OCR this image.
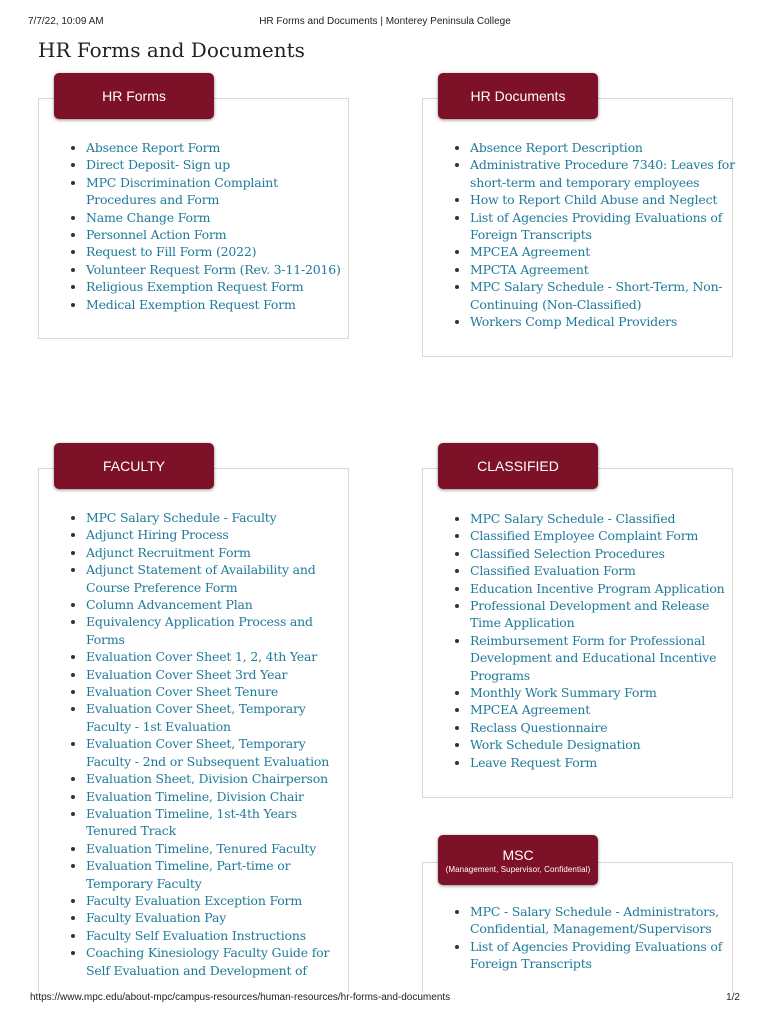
7/7/22, 10:09 AM	HR Forms and Documents | Monterey Peninsula College
HR Forms and Documents
HR Forms
• Absence Report Form
• Direct Deposit- Sign up
• MPC Discrimination Complaint Procedures and Form
• Name Change Form
• Personnel Action Form
• Request to Fill Form (2022)
• Volunteer Request Form (Rev. 3-11-2016)
• Religious Exemption Request Form
• Medical Exemption Request Form
HR Documents
• Absence Report Description
• Administrative Procedure 7340: Leaves for short-term and temporary employees
• How to Report Child Abuse and Neglect
• List of Agencies Providing Evaluations of Foreign Transcripts
• MPCEA Agreement
• MPCTA Agreement
• MPC Salary Schedule - Short-Term, Non-Continuing (Non-Classified)
• Workers Comp Medical Providers
FACULTY
• MPC Salary Schedule - Faculty
• Adjunct Hiring Process
• Adjunct Recruitment Form
• Adjunct Statement of Availability and Course Preference Form
• Column Advancement Plan
• Equivalency Application Process and Forms
• Evaluation Cover Sheet 1, 2, 4th Year
• Evaluation Cover Sheet 3rd Year
• Evaluation Cover Sheet Tenure
• Evaluation Cover Sheet, Temporary Faculty - 1st Evaluation
• Evaluation Cover Sheet, Temporary Faculty - 2nd or Subsequent Evaluation
• Evaluation Sheet, Division Chairperson
• Evaluation Timeline, Division Chair
• Evaluation Timeline, 1st-4th Years Tenured Track
• Evaluation Timeline, Tenured Faculty
• Evaluation Timeline, Part-time or Temporary Faculty
• Faculty Evaluation Exception Form
• Faculty Evaluation Pay
• Faculty Self Evaluation Instructions
• Coaching Kinesiology Faculty Guide for Self Evaluation and Development of
CLASSIFIED
• MPC Salary Schedule - Classified
• Classified Employee Complaint Form
• Classified Selection Procedures
• Classified Evaluation Form
• Education Incentive Program Application
• Professional Development and Release Time Application
• Reimbursement Form for Professional Development and Educational Incentive Programs
• Monthly Work Summary Form
• MPCEA Agreement
• Reclass Questionnaire
• Work Schedule Designation
• Leave Request Form
MSC
(Management, Supervisor, Confidential)
• MPC - Salary Schedule - Administrators, Confidential, Management/Supervisors
• List of Agencies Providing Evaluations of Foreign Transcripts
https://www.mpc.edu/about-mpc/campus-resources/human-resources/hr-forms-and-documents	1/2
